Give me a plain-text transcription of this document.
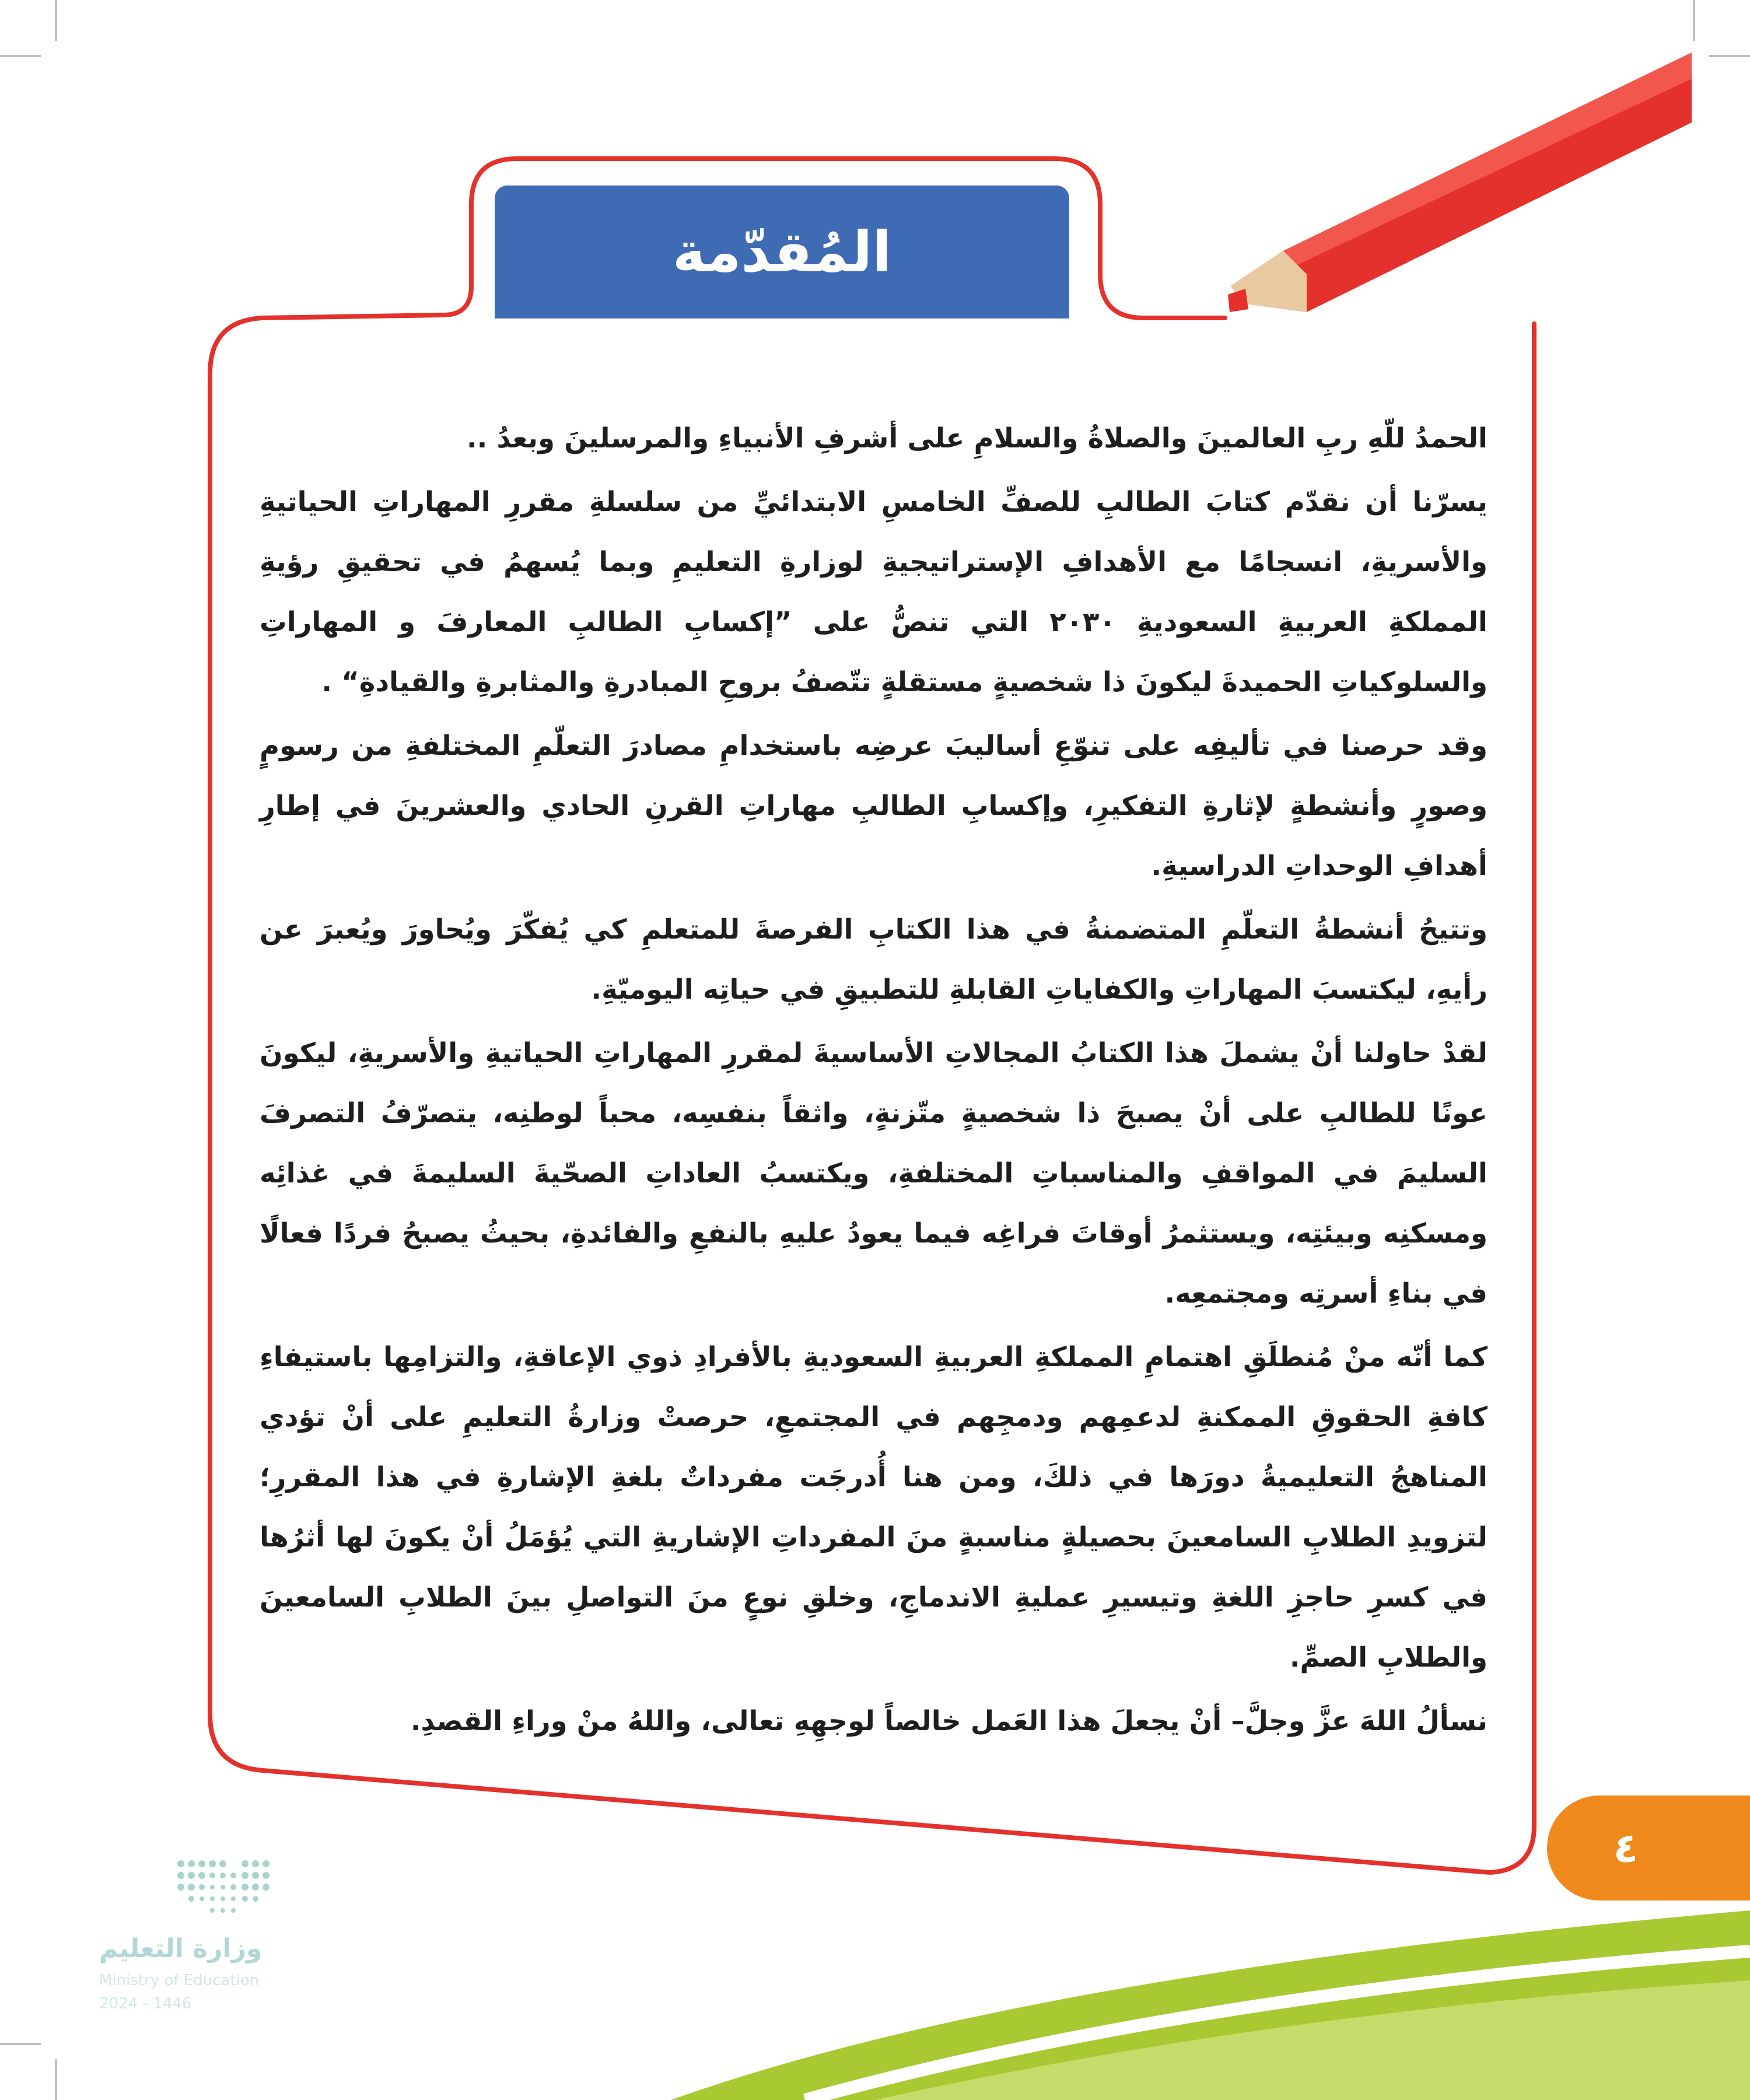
المُقدّمة

الحمدُ للّهِ ربِ العالمينَ والصلاةُ والسلامِ على أشرفِ الأنبياءِ والمرسلينَ وبعدُ ..

يسرّنا أن نقدّم كتابَ الطالبِ للصفِّ الخامسِ الابتدائيِّ من سلسلةِ مقررِ المهاراتِ الحياتيةِ والأسريةِ، انسجامًا مع الأهدافِ الإستراتيجيةِ لوزارةِ التعليمِ وبما يُسهمُ في تحقيقِ رؤيةِ المملكةِ العربيةِ السعوديةِ ٢٠٣٠ التي تنصُّ على ”إكسابِ الطالبِ المعارفَ و المهاراتِ والسلوكياتِ الحميدةَ ليكونَ ذا شخصيةٍ مستقلةٍ تتّصفُ بروحِ المبادرةِ والمثابرةِ والقيادةِ“ .

وقد حرصنا في تأليفِه على تنوّعِ أساليبَ عرضِه باستخدامِ مصادرَ التعلّمِ المختلفةِ من رسومٍ وصورٍ وأنشطةٍ لإثارةِ التفكيرِ، وإكسابِ الطالبِ مهاراتِ القرنِ الحادي والعشرينَ في إطارِ أهدافِ الوحداتِ الدراسيةِ.

وتتيحُ أنشطةُ التعلّمِ المتضمنةُ في هذا الكتابِ الفرصةَ للمتعلمِ كي يُفكّرَ ويُحاورَ ويُعبرَ عن رأيهِ، ليكتسبَ المهاراتِ والكفاياتِ القابلةِ للتطبيقِ في حياتِه اليوميّةِ.

لقدْ حاولنا أنْ يشملَ هذا الكتابُ المجالاتِ الأساسيةَ لمقررِ المهاراتِ الحياتيةِ والأسريةِ، ليكونَ عونًا للطالبِ على أنْ يصبحَ ذا شخصيةٍ متّزنةٍ، واثقاً بنفسِه، محباً لوطنِه، يتصرّفُ التصرفَ السليمَ في المواقفِ والمناسباتِ المختلفةِ، ويكتسبُ العاداتِ الصحّيةَ السليمةَ في غذائِه ومسكنِه وبيئتِه، ويستثمرُ أوقاتَ فراغِه فيما يعودُ عليهِ بالنفعِ والفائدةِ، بحيثُ يصبحُ فردًا فعالًا في بناءِ أسرتِه ومجتمعِه.

كما أنّه منْ مُنطلَقِ اهتمامِ المملكةِ العربيةِ السعوديةِ بالأفرادِ ذوي الإعاقةِ، والتزامِها باستيفاءِ كافةِ الحقوقِ الممكنةِ لدعمِهم ودمجِهم في المجتمعِ، حرصتْ وزارةُ التعليمِ على أنْ تؤدي المناهجُ التعليميةُ دورَها في ذلكَ، ومن هنا أُدرجَت مفرداتٌ بلغةِ الإشارةِ في هذا المقررِ؛ لتزويدِ الطلابِ السامعينَ بحصيلةٍ مناسبةٍ منَ المفرداتِ الإشاريةِ التي يُؤمَلُ أنْ يكونَ لها أثرُها في كسرِ حاجزِ اللغةِ وتيسيرِ عمليةِ الاندماجِ، وخلقِ نوعٍ منَ التواصلِ بينَ الطلابِ السامعينَ والطلابِ الصمِّ.

نسألُ اللهَ عزَّ وجلَّ– أنْ يجعلَ هذا العَمل خالصاً لوجهِهِ تعالى، واللهُ منْ وراءِ القصدِ.

٤
وزارة التعليم
Ministry of Education
2024 - 1446
